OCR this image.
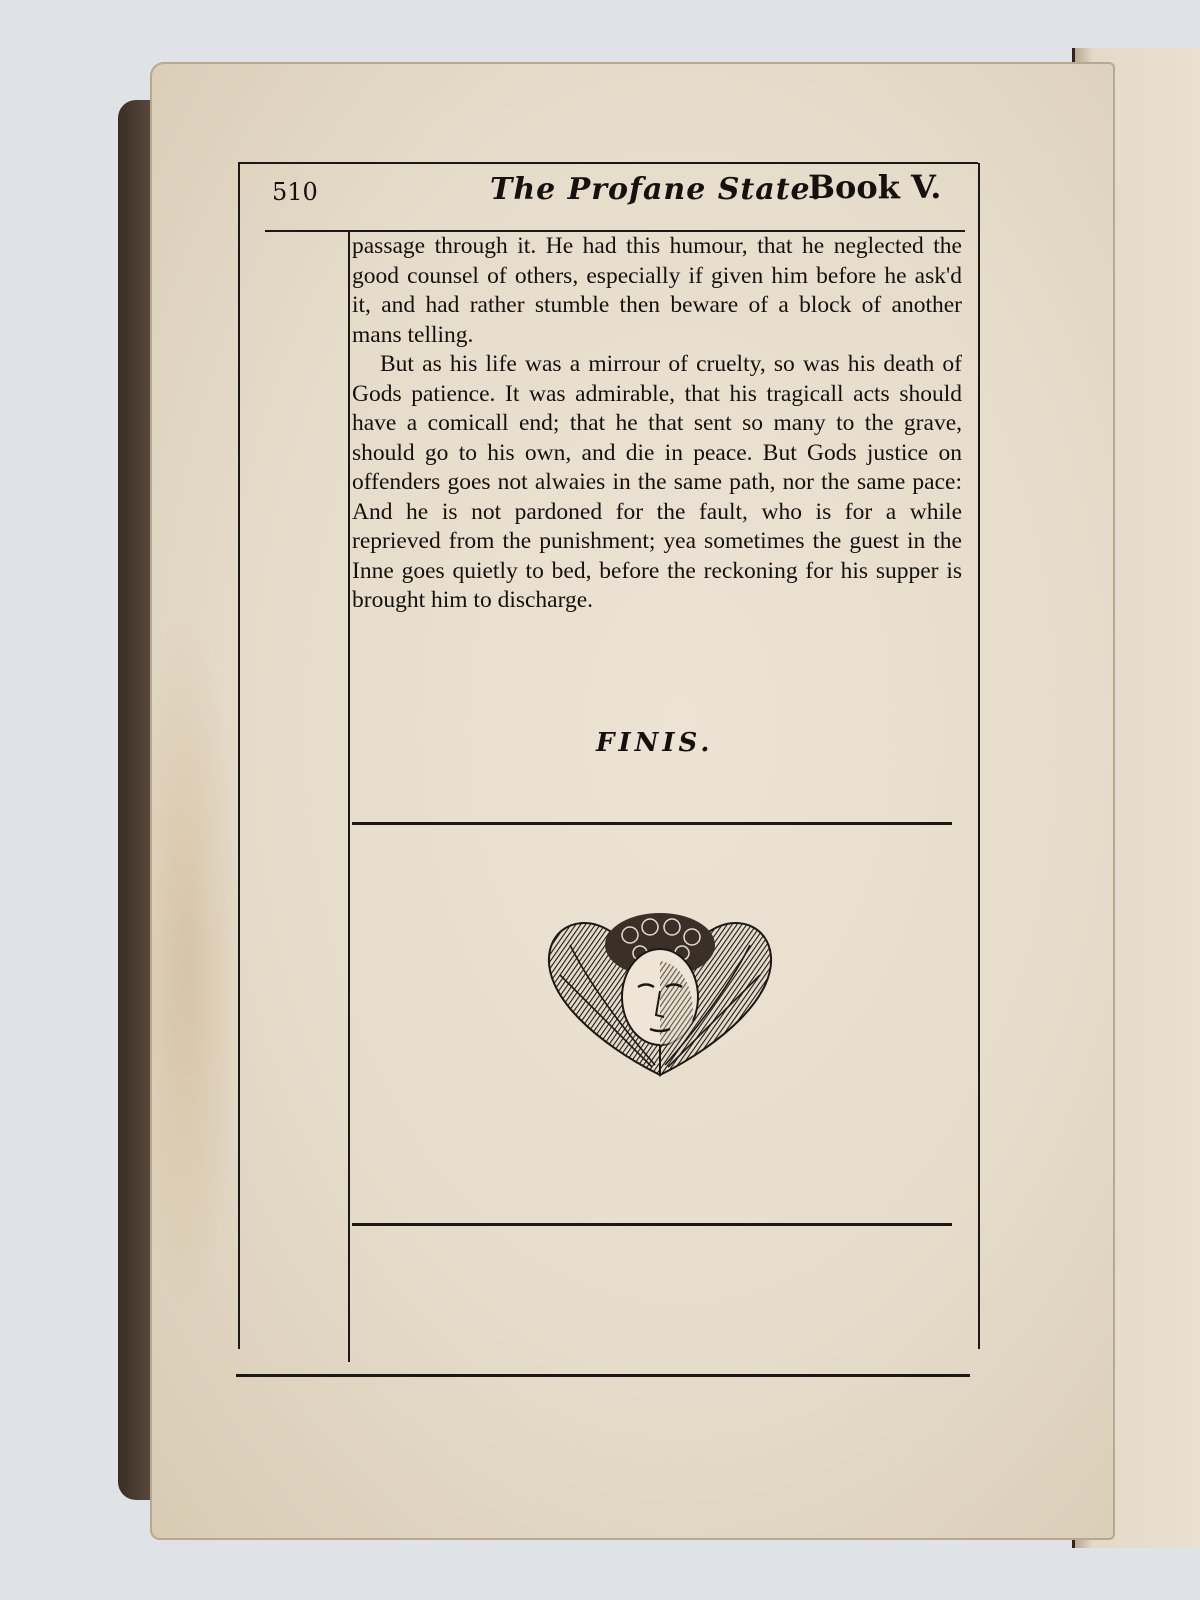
510	The Profane State.
Book V.

passage through it. He had this humour, that he neglected the good counsel of others, especially if given him before he ask'd it, and had rather stumble then beware of a block of another mans telling.

But as his life was a mirrour of cruelty, so was his death of Gods patience. It was admirable, that his tragicall acts should have a comicall end; that he that sent so many to the grave, should go to his own, and die in peace. But Gods justice on offenders goes not alwaies in the same path, nor the same pace: And he is not pardoned for the fault, who is for a while reprieved from the punishment; yea sometimes the guest in the Inne goes quietly to bed, before the reckoning for his supper is brought him to discharge.

FINIS.
